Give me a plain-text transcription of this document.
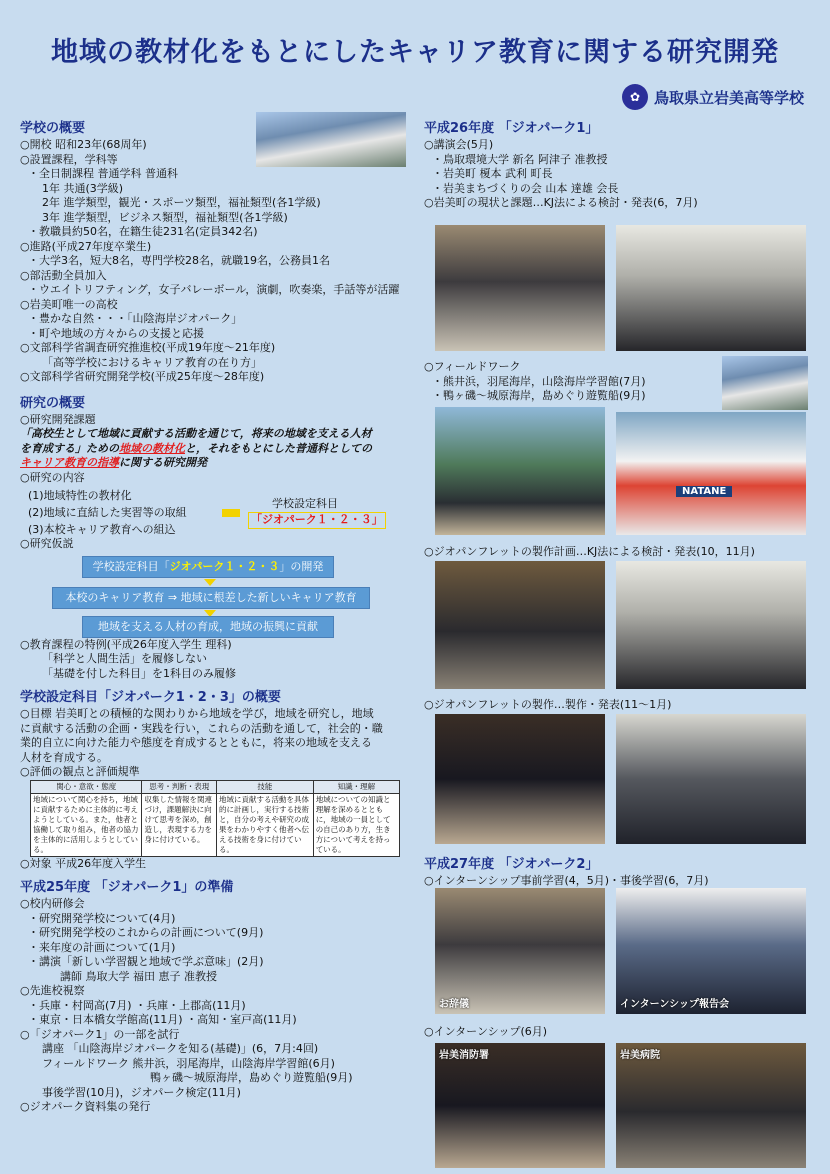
地域の教材化をもとにしたキャリア教育に関する研究開発
✿ 鳥取県立岩美高等学校
学校の概要
○開校 昭和23年(68周年)
○設置課程，学科等
・全日制課程 普通学科 普通科
1年 共通(3学級)
2年 進学類型，観光・スポーツ類型，福祉類型(各1学級)
3年 進学類型，ビジネス類型，福祉類型(各1学級)
・教職員約50名，在籍生徒231名(定員342名)
○進路(平成27年度卒業生)
・大学3名，短大8名，専門学校28名，就職19名，公務員1名
○部活動全員加入
・ウエイトリフティング，女子バレーボール，演劇，吹奏楽，手話等が活躍
○岩美町唯一の高校
・豊かな自然・・・「山陰海岸ジオパーク」
・町や地域の方々からの支援と応援
○文部科学省調査研究推進校(平成19年度～21年度)
「高等学校におけるキャリア教育の在り方」
○文部科学省研究開発学校(平成25年度～28年度)
研究の概要
○研究開発課題
「高校生として地域に貢献する活動を通じて，将来の地域を支える人材
を育成する」ための地域の教材化と，それをもとにした普通科としての
キャリア教育の指導に関する研究開発
○研究の内容
(1)地域特性の教材化
(2)地域に直結した実習等の取組
(3)本校キャリア教育への組込
学校設定科目
「ジオパーク１・２・３」
○研究仮説
学校設定科目「ジオパーク１・２・３」の開発
本校のキャリア教育 ⇒ 地域に根差した新しいキャリア教育
地域を支える人材の育成，地域の振興に貢献
○教育課程の特例(平成26年度入学生 理科)
「科学と人間生活」を履修しない
「基礎を付した科目」を1科目のみ履修
学校設定科目「ジオパーク1・2・3」の概要
○目標 岩美町との積極的な関わりから地域を学び，地域を研究し，地域
に貢献する活動の企画・実践を行い，これらの活動を通して，社会的・職
業的自立に向けた能力や態度を育成するとともに，将来の地域を支える
人材を育成する。
○評価の観点と評価規準
関心・意欲・態度	思考・判断・表現	技能	知識・理解
地域について関心を持ち，地域に貢献するために主体的に考えようとしている。また，他者と協働して取り組み，他者の協力を主体的に活用しようとしている。	収集した情報を関連づけ，課題解決に向けて思考を深め，創造し，表現する力を身に付けている。	地域に貢献する活動を具体的に計画し，実行する技術と，自分の考えや研究の成果をわかりやすく他者へ伝える技術を身に付けている。	地域についての知識と理解を深めるとともに，地域の一員としての自己のあり方，生き方について考えを持っている。
○対象 平成26年度入学生
平成25年度 「ジオパーク1」の準備
○校内研修会
・研究開発学校について(4月)
・研究開発学校のこれからの計画について(9月)
・来年度の計画について(1月)
・講演「新しい学習観と地域で学ぶ意味」(2月)
講師 鳥取大学 福田 恵子 准教授
○先進校視察
・兵庫・村岡高(7月) ・兵庫・上郡高(11月)
・東京・日本橋女学館高(11月) ・高知・室戸高(11月)
○「ジオパーク1」の一部を試行
講座 「山陰海岸ジオパークを知る(基礎)」(6，7月:4回)
フィールドワーク 熊井浜，羽尾海岸，山陰海岸学習館(6月)
鴨ヶ磯～城原海岸，島めぐり遊覧船(9月)
事後学習(10月)，ジオパーク検定(11月)
○ジオパーク資料集の発行
平成26年度 「ジオパーク1」
○講演会(5月)
・鳥取環境大学 新名 阿津子 准教授
・岩美町 榎本 武利 町長
・岩美まちづくりの会 山本 達雄 会長
○岩美町の現状と課題…KJ法による検討・発表(6，7月)
○フィールドワーク
・熊井浜，羽尾海岸，山陰海岸学習館(7月)
・鴨ヶ磯～城原海岸，島めぐり遊覧船(9月)
NATANE
○ジオパンフレットの製作計画…KJ法による検討・発表(10，11月)
○ジオパンフレットの製作…製作・発表(11～1月)
平成27年度 「ジオパーク2」
○インターンシップ事前学習(4，5月)・事後学習(6，7月)
お辞儀	インターンシップ報告会
○インターンシップ(6月)
岩美消防署	岩美病院
